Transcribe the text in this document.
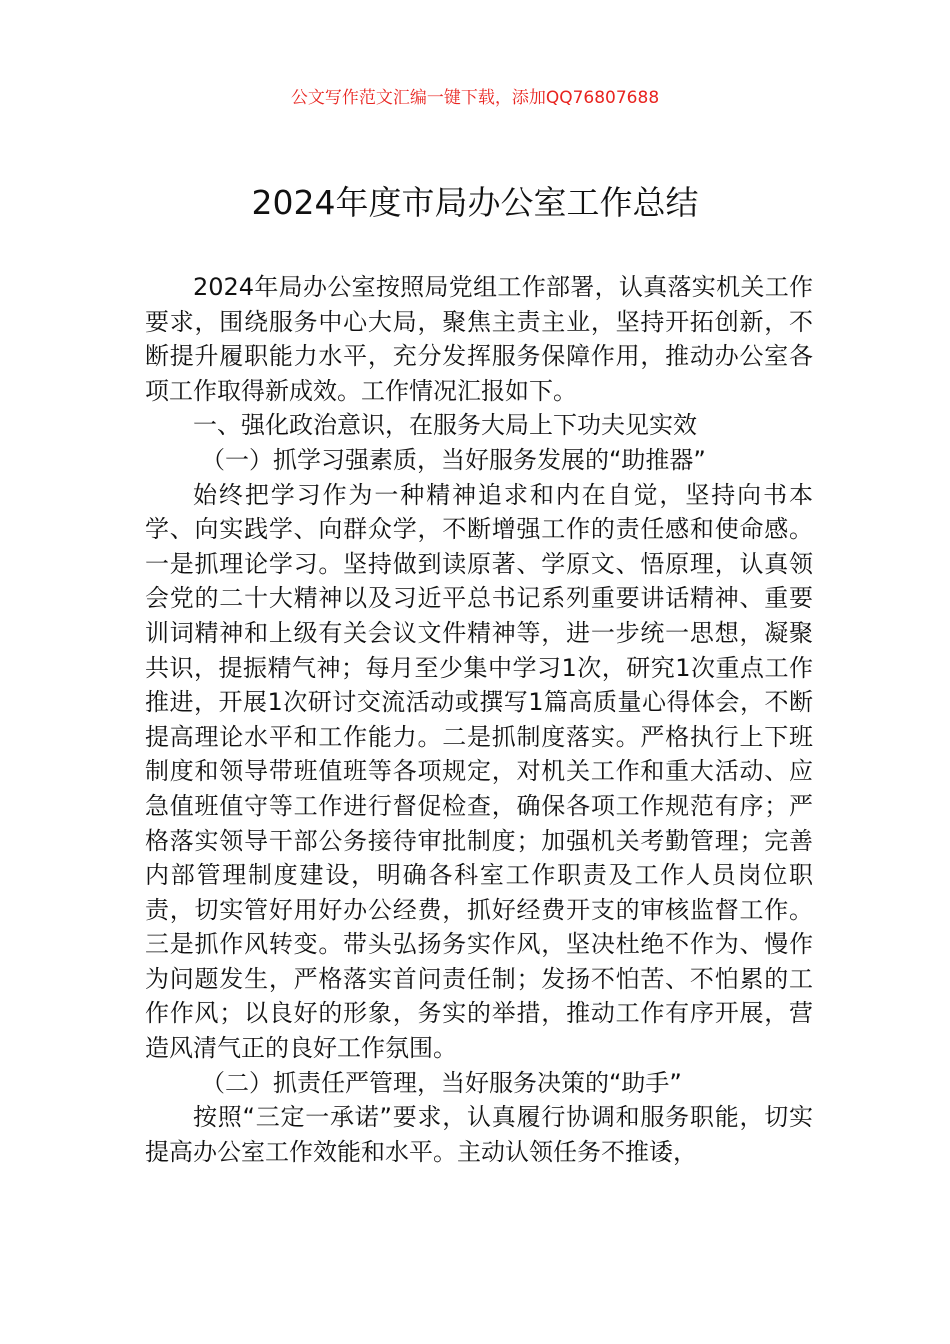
公文写作范文汇编一键下载，添加QQ76807688
2024年度市局办公室工作总结

2024年局办公室按照局党组工作部署，认真落实机关工作要求，围绕服务中心大局，聚焦主责主业，坚持开拓创新，不断提升履职能力水平，充分发挥服务保障作用，推动办公室各项工作取得新成效。工作情况汇报如下。

一、强化政治意识，在服务大局上下功夫见实效

（一）抓学习强素质，当好服务发展的“助推器”

始终把学习作为一种精神追求和内在自觉，坚持向书本学、向实践学、向群众学，不断增强工作的责任感和使命感。一是抓理论学习。坚持做到读原著、学原文、悟原理，认真领会党的二十大精神以及习近平总书记系列重要讲话精神、重要训词精神和上级有关会议文件精神等，进一步统一思想，凝聚共识，提振精气神；每月至少集中学习1次，研究1次重点工作推进，开展1次研讨交流活动或撰写1篇高质量心得体会，不断提高理论水平和工作能力。二是抓制度落实。严格执行上下班制度和领导带班值班等各项规定，对机关工作和重大活动、应急值班值守等工作进行督促检查，确保各项工作规范有序；严格落实领导干部公务接待审批制度；加强机关考勤管理；完善内部管理制度建设，明确各科室工作职责及工作人员岗位职责，切实管好用好办公经费，抓好经费开支的审核监督工作。三是抓作风转变。带头弘扬务实作风，坚决杜绝不作为、慢作为问题发生，严格落实首问责任制；发扬不怕苦、不怕累的工作作风；以良好的形象，务实的举措，推动工作有序开展，营造风清气正的良好工作氛围。

（二）抓责任严管理，当好服务决策的“助手”

按照“三定一承诺”要求，认真履行协调和服务职能，切实提高办公室工作效能和水平。主动认领任务不推诿，
